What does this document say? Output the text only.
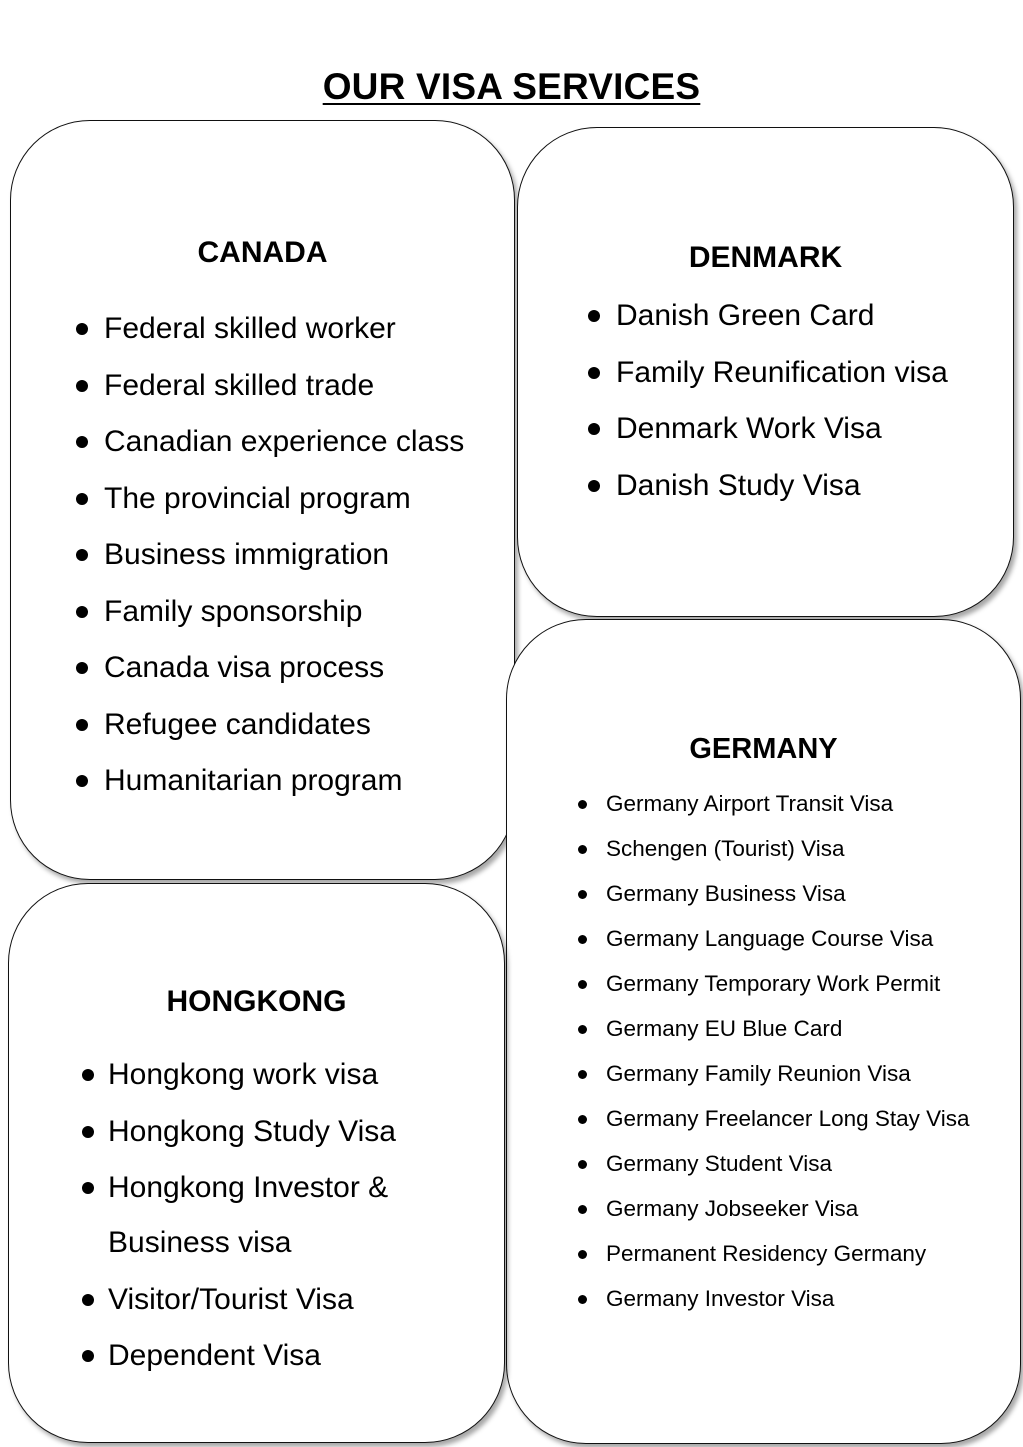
OUR VISA SERVICES
CANADA
Federal skilled worker
Federal skilled trade
Canadian experience class
The provincial program
Business immigration
Family sponsorship
Canada visa process
Refugee candidates
Humanitarian program
DENMARK
Danish Green Card
Family Reunification visa
Denmark Work Visa
Danish Study Visa
GERMANY
Germany Airport Transit Visa
Schengen (Tourist) Visa
Germany Business Visa
Germany Language Course Visa
Germany Temporary Work Permit
Germany EU Blue Card
Germany Family Reunion Visa
Germany Freelancer Long Stay Visa
Germany Student Visa
Germany Jobseeker Visa
Permanent Residency Germany
Germany Investor Visa
HONGKONG
Hongkong work visa
Hongkong Study Visa
Hongkong Investor & Business visa
Visitor/Tourist Visa
Dependent Visa
